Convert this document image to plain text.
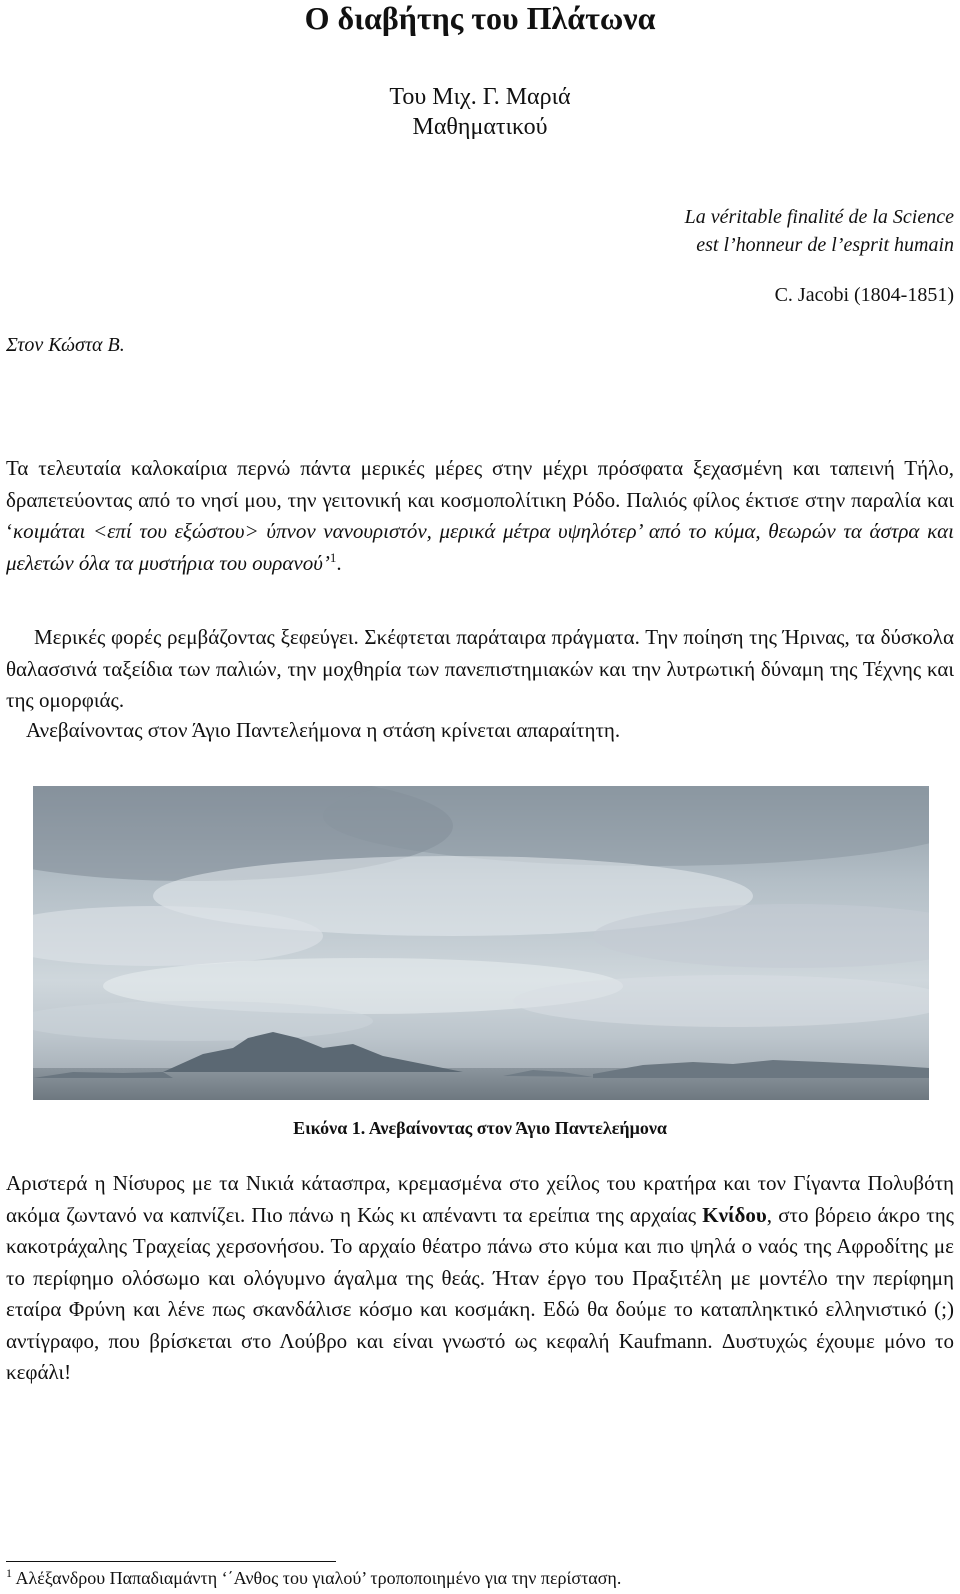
Ο διαβήτης του Πλάτωνα
Του Μιχ. Γ. Μαριά
Μαθηματικού
La véritable finalité de la Science
est l’honneur de l’esprit humain
C. Jacobi (1804-1851)
Στον Κώστα Β.

Τα τελευταία καλοκαίρια περνώ πάντα μερικές μέρες στην μέχρι πρόσφατα ξεχασμένη και ταπεινή Τήλο, δραπετεύοντας από το νησί μου, την γειτονική και κοσμοπολίτικη Ρόδο. Παλιός φίλος έκτισε στην παραλία και ‘κοιμάται <επί του εξώστου> ύπνον νανουριστόν, μερικά μέτρα υψηλότερ’ από το κύμα, θεωρών τα άστρα και μελετών όλα τα μυστήρια του ουρανού’$^1$.

Μερικές φορές ρεμβάζοντας ξεφεύγει. Σκέφτεται παράταιρα πράγματα. Την ποίηση της Ήρινας, τα δύσκολα θαλασσινά ταξείδια των παλιών, την μοχθηρία των πανεπιστημιακών και την λυτρωτική δύναμη της Τέχνης και της ομορφιάς.

Ανεβαίνοντας στον Άγιο Παντελεήμονα η στάση κρίνεται απαραίτητη.

Εικόνα 1. Ανεβαίνοντας στον Άγιο Παντελεήμονα

Αριστερά η Νίσυρος με τα Νικιά κάτασπρα, κρεμασμένα στο χείλος του κρατήρα και τον Γίγαντα Πολυβότη ακόμα ζωντανό να καπνίζει. Πιο πάνω η Κώς κι απέναντι τα ερείπια της αρχαίας Κνίδου, στο βόρειο άκρο της κακοτράχαλης Τραχείας χερσονήσου. Το αρχαίο θέατρο πάνω στο κύμα και πιο ψηλά ο ναός της Αφροδίτης με το περίφημο ολόσωμο και ολόγυμνο άγαλμα της θεάς. Ήταν έργο του Πραξιτέλη με μοντέλο την περίφημη εταίρα Φρύνη και λένε πως σκανδάλισε κόσμο και κοσμάκη. Εδώ θα δούμε το καταπληκτικό ελληνιστικό (;) αντίγραφο, που βρίσκεται στο Λούβρο και είναι γνωστό ως κεφαλή Kaufmann. Δυστυχώς έχουμε μόνο το κεφάλι!

$^1$ Αλέξανδρου Παπαδιαμάντη ‘΄Ανθος του γιαλού’ τροποποιημένο για την περίσταση.
